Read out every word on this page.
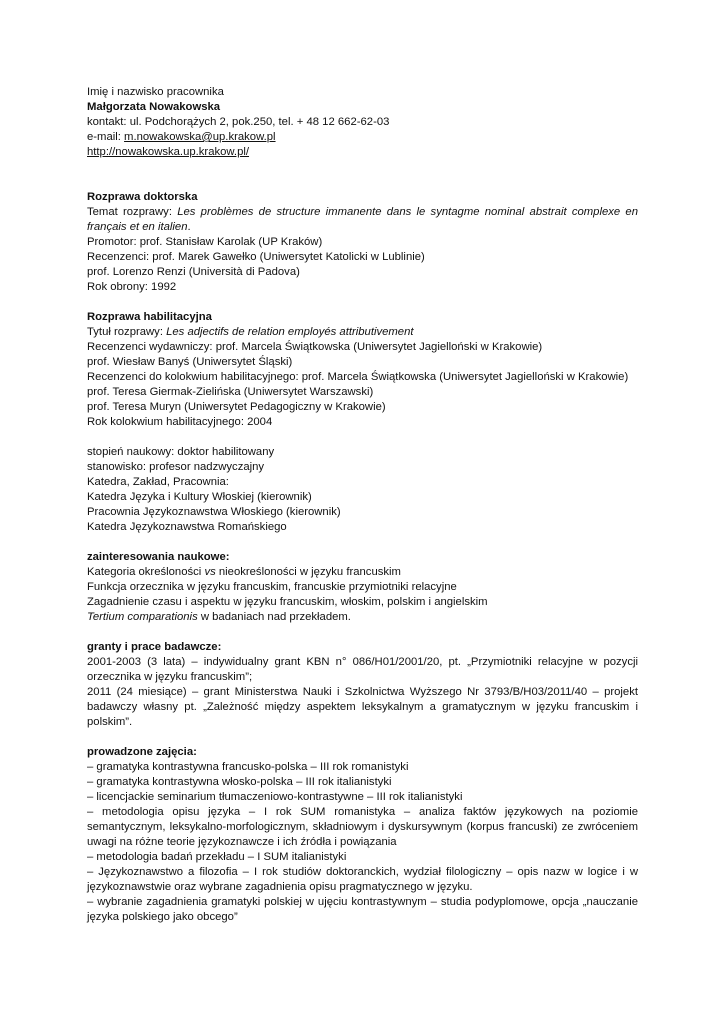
Imię i nazwisko pracownika
Małgorzata Nowakowska
kontakt: ul. Podchorążych 2, pok.250, tel. + 48 12 662-62-03
e-mail: m.nowakowska@up.krakow.pl
http://nowakowska.up.krakow.pl/
Rozprawa doktorska
Temat rozprawy: Les problèmes de structure immanente dans le syntagme nominal abstrait complexe en français et en italien.
Promotor: prof. Stanisław Karolak (UP Kraków)
Recenzenci: prof. Marek Gawełko (Uniwersytet Katolicki w Lublinie)
prof. Lorenzo Renzi (Università di Padova)
Rok obrony: 1992
Rozprawa habilitacyjna
Tytuł rozprawy: Les adjectifs de relation employés attributivement
Recenzenci wydawniczy: prof. Marcela Świątkowska (Uniwersytet Jagielloński w Krakowie)
prof. Wiesław Banyś (Uniwersytet Śląski)
Recenzenci do kolokwium habilitacyjnego: prof. Marcela Świątkowska (Uniwersytet Jagielloński w Krakowie)
prof. Teresa Giermak-Zielińska (Uniwersytet Warszawski)
prof. Teresa Muryn (Uniwersytet Pedagogiczny w Krakowie)
Rok kolokwium habilitacyjnego: 2004
stopień naukowy: doktor habilitowany
stanowisko: profesor nadzwyczajny
Katedra, Zakład, Pracownia:
Katedra Języka i Kultury Włoskiej (kierownik)
Pracownia Językoznawstwa Włoskiego (kierownik)
Katedra Językoznawstwa Romańskiego
zainteresowania naukowe:
Kategoria określoności vs nieokreśloności w języku francuskim
Funkcja orzecznika w języku francuskim, francuskie przymiotniki relacyjne
Zagadnienie czasu i aspektu w języku francuskim, włoskim, polskim i angielskim
Tertium comparationis w badaniach nad przekładem.
granty i prace badawcze:
2001-2003 (3 lata) – indywidualny grant KBN n° 086/H01/2001/20, pt. „Przymiotniki relacyjne w pozycji orzecznika w języku francuskim”;
2011 (24 miesiące) – grant Ministerstwa Nauki i Szkolnictwa Wyższego Nr 3793/B/H03/2011/40 – projekt badawczy własny pt. „Zależność między aspektem leksykalnym a gramatycznym w języku francuskim i polskim”.
prowadzone zajęcia:
– gramatyka kontrastywna francusko-polska – III rok romanistyki
– gramatyka kontrastywna włosko-polska – III rok italianistyki
– licencjackie seminarium tłumaczeniowo-kontrastywne – III rok italianistyki
– metodologia opisu języka – I rok SUM romanistyka – analiza faktów językowych na poziomie semantycznym, leksykalno-morfologicznym, składniowym i dyskursywnym (korpus francuski) ze zwróceniem uwagi na różne teorie językoznawcze i ich źródła i powiązania
– metodologia badań przekładu – I SUM italianistyki
– Językoznawstwo a filozofia – I rok studiów doktoranckich, wydział filologiczny – opis nazw w logice i w językoznawstwie oraz wybrane zagadnienia opisu pragmatycznego w języku.
– wybranie zagadnienia gramatyki polskiej w ujęciu kontrastywnym – studia podyplomowe, opcja „nauczanie języka polskiego jako obcego”
